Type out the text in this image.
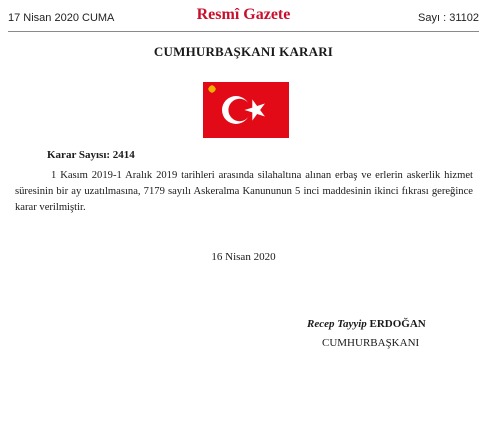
17 Nisan 2020 CUMA	Resmî Gazete	Sayı : 31102
CUMHURBAŞKANI KARARI
Karar Sayısı: 2414
1 Kasım 2019-1 Aralık 2019 tarihleri arasında silahaltına alınan erbaş ve erlerin askerlik hizmet süresinin bir ay uzatılmasına, 7179 sayılı Askeralma Kanununun 5 inci maddesinin ikinci fıkrası gereğince karar verilmiştir.
16 Nisan 2020
Recep Tayyip ERDOĞAN
CUMHURBAŞKANI
